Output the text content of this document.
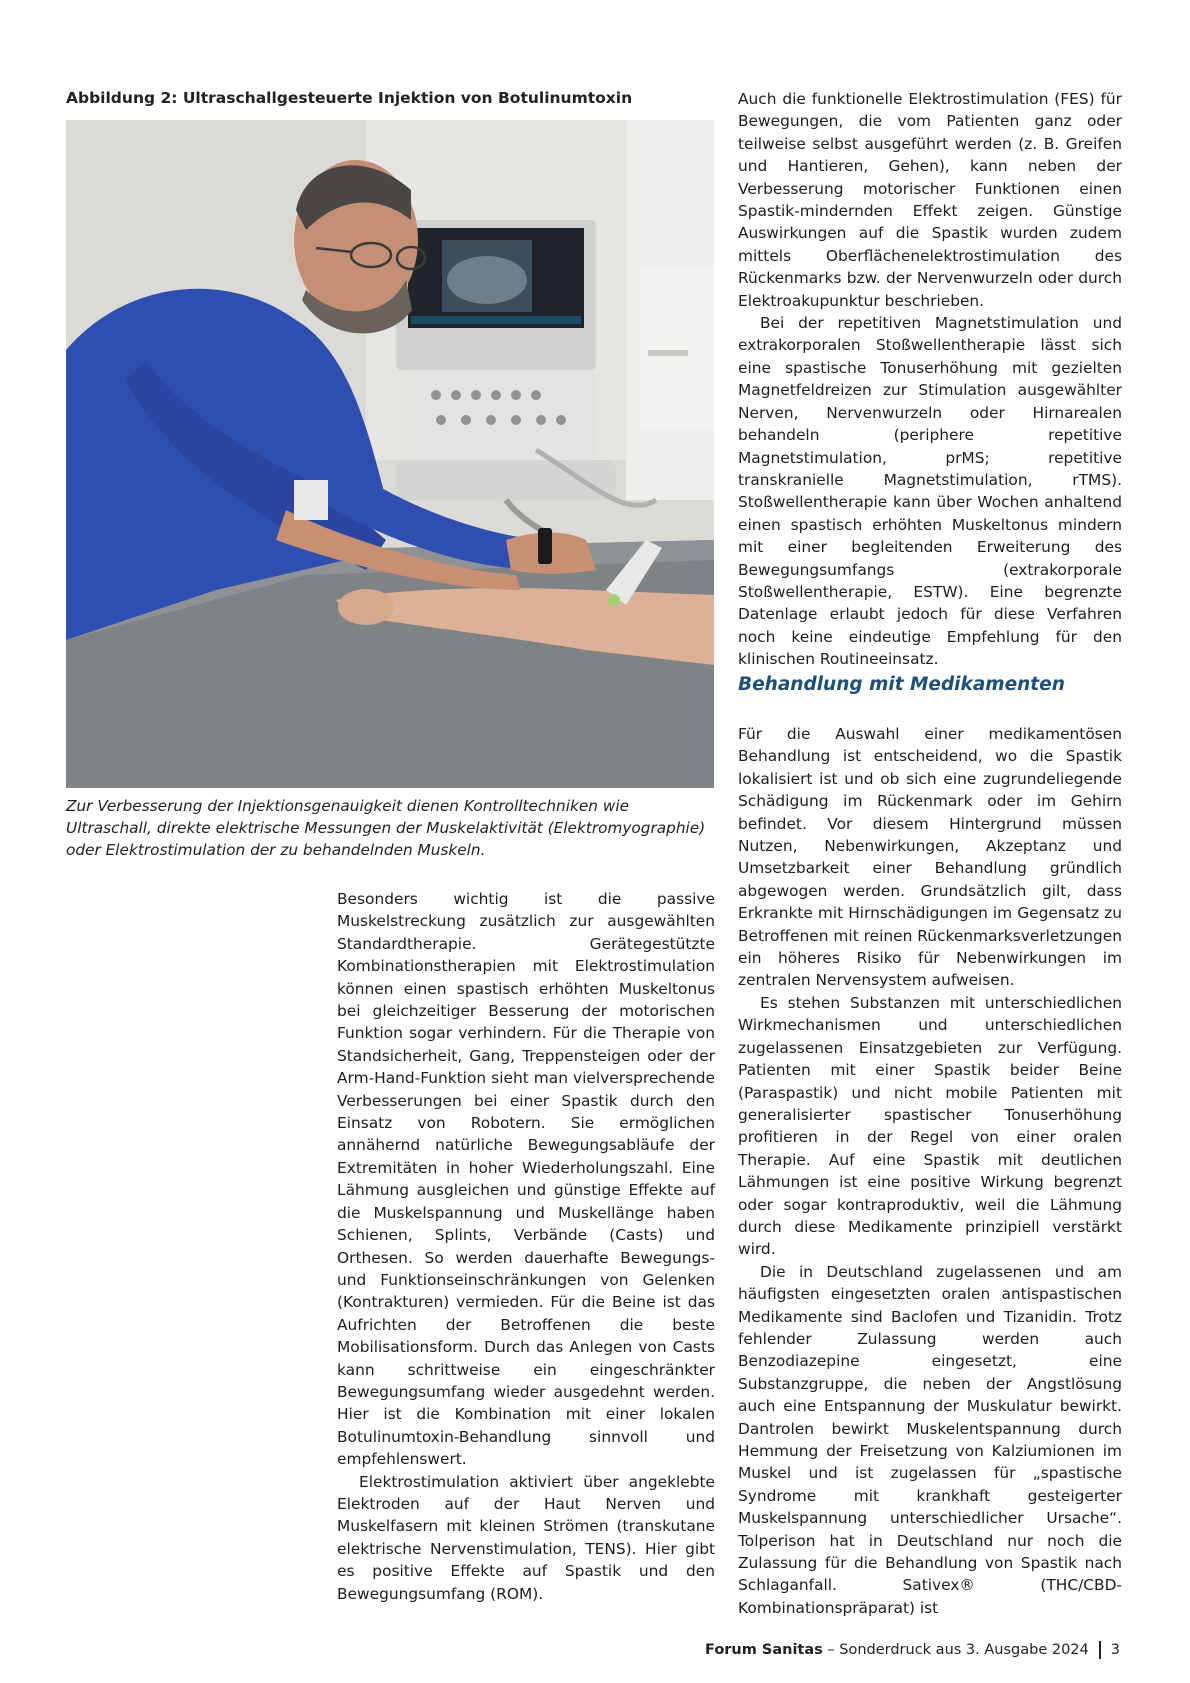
Abbildung 2: Ultraschallgesteuerte Injektion von Botulinumtoxin
Zur Verbesserung der Injektionsgenauigkeit dienen Kontrolltechniken wie Ultraschall, direkte elektrische Messungen der Muskelaktivität (Elektromyographie) oder Elektrostimulation der zu behandelnden Muskeln.

Besonders wichtig ist die passive Muskelstreckung zusätzlich zur ausgewählten Standardtherapie. Gerätegestützte Kombinationstherapien mit Elektrostimulation können einen spastisch erhöhten Muskeltonus bei gleichzeitiger Besserung der motorischen Funktion sogar verhindern. Für die Therapie von Standsicherheit, Gang, Treppensteigen oder der Arm-Hand-Funktion sieht man vielversprechende Verbesserungen bei einer Spastik durch den Einsatz von Robotern. Sie ermöglichen annähernd natürliche Bewegungsabläufe der Extremitäten in hoher Wiederholungszahl. Eine Lähmung ausgleichen und günstige Effekte auf die Muskelspannung und Muskellänge haben Schienen, Splints, Verbände (Casts) und Orthesen. So werden dauerhafte Bewegungs- und Funktionseinschränkungen von Gelenken (Kontrakturen) vermieden. Für die Beine ist das Aufrichten der Betroffenen die beste Mobilisationsform. Durch das Anlegen von Casts kann schrittweise ein eingeschränkter Bewegungsumfang wieder ausgedehnt werden. Hier ist die Kombination mit einer lokalen Botulinumtoxin-Behandlung sinnvoll und empfehlenswert.

Elektrostimulation aktiviert über angeklebte Elektroden auf der Haut Nerven und Muskelfasern mit kleinen Strömen (transkutane elektrische Nervenstimulation, TENS). Hier gibt es positive Effekte auf Spastik und den Bewegungsumfang (ROM).

Auch die funktionelle Elektrostimulation (FES) für Bewegungen, die vom Patienten ganz oder teilweise selbst ausgeführt werden (z. B. Greifen und Hantieren, Gehen), kann neben der Verbesserung motorischer Funktionen einen Spastik-mindernden Effekt zeigen. Günstige Auswirkungen auf die Spastik wurden zudem mittels Oberflächenelektrostimulation des Rückenmarks bzw. der Nervenwurzeln oder durch Elektroakupunktur beschrieben.

Bei der repetitiven Magnetstimulation und extrakorporalen Stoßwellentherapie lässt sich eine spastische Tonuserhöhung mit gezielten Magnetfeldreizen zur Stimulation ausgewählter Nerven, Nervenwurzeln oder Hirnarealen behandeln (periphere repetitive Magnetstimulation, prMS; repetitive transkranielle Magnetstimulation, rTMS). Stoßwellentherapie kann über Wochen anhaltend einen spastisch erhöhten Muskeltonus mindern mit einer begleitenden Erweiterung des Bewegungsumfangs (extrakorporale Stoßwellentherapie, ESTW). Eine begrenzte Datenlage erlaubt jedoch für diese Verfahren noch keine eindeutige Empfehlung für den klinischen Routineeinsatz.

Behandlung mit Medikamenten

Für die Auswahl einer medikamentösen Behandlung ist entscheidend, wo die Spastik lokalisiert ist und ob sich eine zugrundeliegende Schädigung im Rückenmark oder im Gehirn befindet. Vor diesem Hintergrund müssen Nutzen, Nebenwirkungen, Akzeptanz und Umsetzbarkeit einer Behandlung gründlich abgewogen werden. Grundsätzlich gilt, dass Erkrankte mit Hirnschädigungen im Gegensatz zu Betroffenen mit reinen Rückenmarksverletzungen ein höheres Risiko für Nebenwirkungen im zentralen Nervensystem aufweisen.

Es stehen Substanzen mit unterschiedlichen Wirkmechanismen und unterschiedlichen zugelassenen Einsatzgebieten zur Verfügung. Patienten mit einer Spastik beider Beine (Paraspastik) und nicht mobile Patienten mit generalisierter spastischer Tonuserhöhung profitieren in der Regel von einer oralen Therapie. Auf eine Spastik mit deutlichen Lähmungen ist eine positive Wirkung begrenzt oder sogar kontraproduktiv, weil die Lähmung durch diese Medikamente prinzipiell verstärkt wird.

Die in Deutschland zugelassenen und am häufigsten eingesetzten oralen antispastischen Medikamente sind Baclofen und Tizanidin. Trotz fehlender Zulassung werden auch Benzodiazepine eingesetzt, eine Substanzgruppe, die neben der Angstlösung auch eine Entspannung der Muskulatur bewirkt. Dantrolen bewirkt Muskelentspannung durch Hemmung der Freisetzung von Kalziumionen im Muskel und ist zugelassen für „spastische Syndrome mit krankhaft gesteigerter Muskelspannung unterschiedlicher Ursache“. Tolperison hat in Deutschland nur noch die Zulassung für die Behandlung von Spastik nach Schlaganfall. Sativex® (THC/CBD-Kombinationspräparat) ist

Forum Sanitas – Sonderdruck aus 3. Ausgabe 2024 3
